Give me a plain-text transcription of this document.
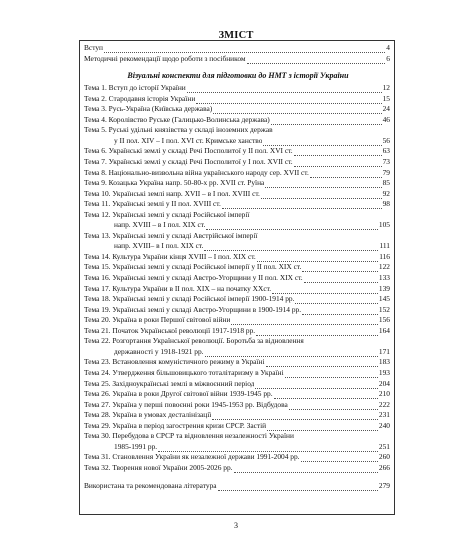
ЗМІСТ
Вступ	4
Методичні рекомендації щодо роботи з посібником	6
Візуальні конспекти для підготовки до НМТ з історії України
Тема 1. Вступ до історії України	12
Тема 2. Стародавня історія України	15
Тема 3. Русь-Україна (Київська держава)	24
Тема 4. Королівство Руське (Галицько-Волинська держава)	46
Тема 5. Руські удільні князівства у складі іноземних держав
у ІІ пол. XIV – І пол. XVI ст. Кримське ханство	56
Тема 6. Українські землі у складі Речі Посполитої у ІІ пол. XVI ст.	63
Тема 7. Українські землі у складі Речі Посполитої у І пол. XVII ст.	73
Тема 8. Національно-визвольна війна українського народу сер. XVII ст.	79
Тема 9. Козацька Україна напр. 50-80-х рр. XVII ст. Руїна	85
Тема 10. Українські землі напр. XVII – в І пол. XVIII ст.	92
Тема 11. Українські землі у ІІ пол. XVIII ст.	98
Тема 12. Українські землі у складі Російської імперії
напр. XVIII – в І пол. XIX ст.	105
Тема 13. Українські землі у складі Австрійської імперії
напр. XVIII– в І пол. XIX ст.	111
Тема 14. Культура України кінця XVIII – І пол. XIX ст.	116
Тема 15. Українські землі у складі Російської імперії у ІІ пол. XIX ст.	122
Тема 16. Українські землі у складі Австро-Угорщини у ІІ пол. XIX ст.	133
Тема 17. Культура України в ІІ пол. XIX – на початку XXст.	139
Тема 18. Українські землі у складі Російської імперії 1900-1914 рр.	145
Тема 19. Українські землі у складі Австро-Угорщини в 1900-1914 рр.	152
Тема 20. Україна в роки Першої світової війни	156
Тема 21. Початок Української революції 1917-1918 рр.	164
Тема 22. Розгортання Української революції. Боротьба за відновлення
державності у 1918-1921 рр.	171
Тема 23. Встановлення комуністичного режиму в Україні	183
Тема 24. Утвердження більшовицького тоталітаризму в Україні	193
Тема 25. Західноукраїнські землі в міжвоєнний період	204
Тема 26. Україна в роки Другої світової війни 1939-1945 рр.	210
Тема 27. Україна у перші повоєнні роки 1945-1953 рр. Відбудова	222
Тема 28. Україна в умовах десталінізації	231
Тема 29. Україна в період загострення кризи СРСР. Застій	240
Тема 30. Перебудова в СРСР та відновлення незалежності України
1985-1991 рр.	251
Тема 31. Становлення України як незалежної держави 1991-2004 рр.	260
Тема 32. Творення нової України 2005-2026 рр.	266
Використана та рекомендована література	279
3
